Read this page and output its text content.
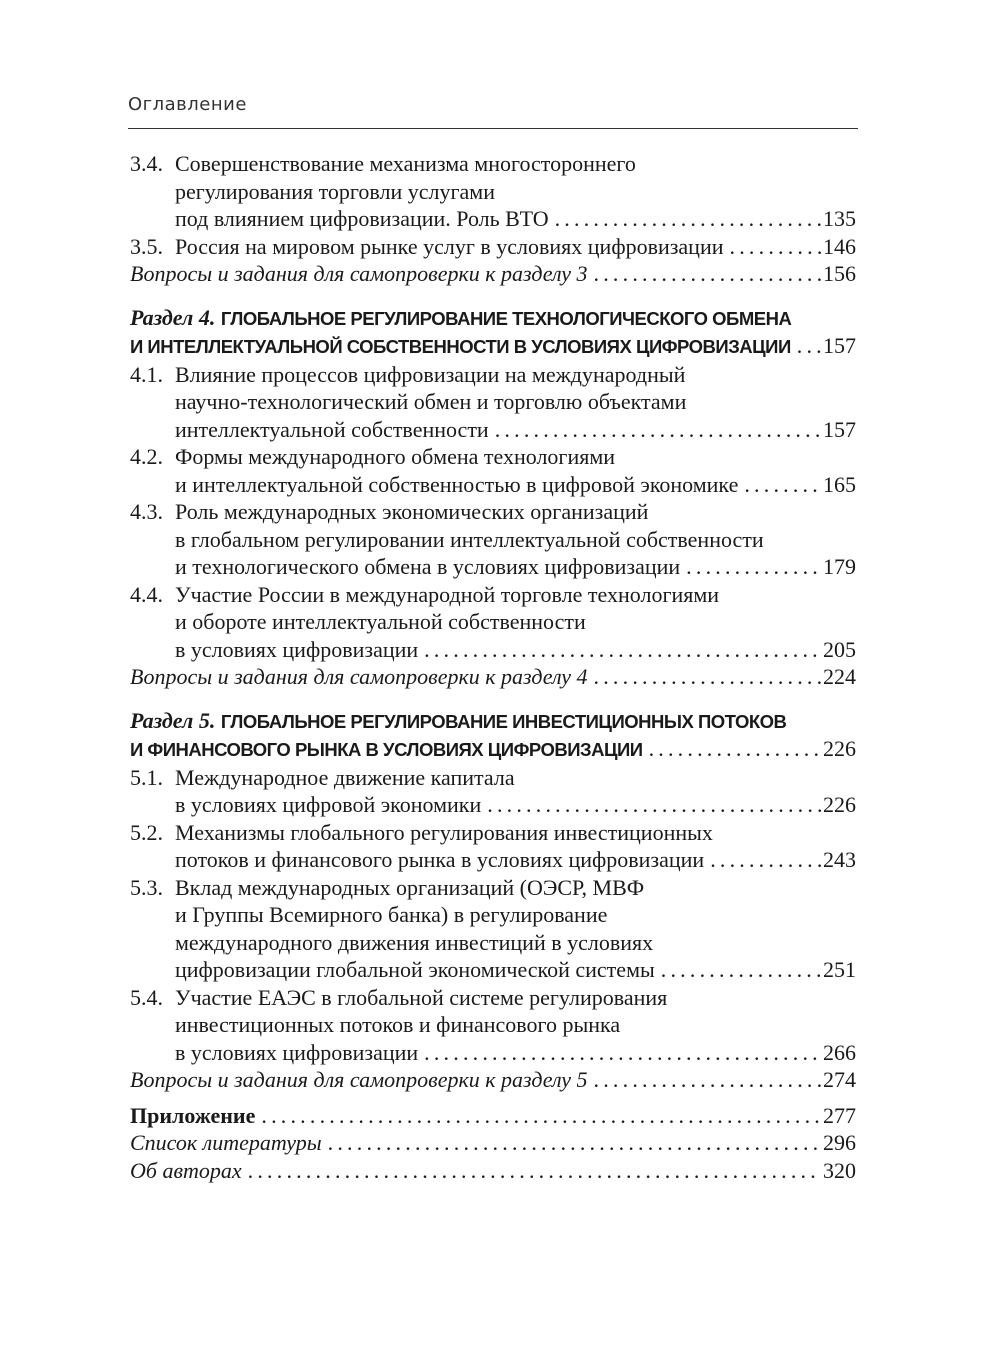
Оглавление
3.4. Совершенствование механизма многостороннего
регулирования торговли услугами
под влиянием цифровизации. Роль ВТО .....	135
3.5. Россия на мировом рынке услуг в условиях цифровизации .....	146
Вопросы и задания для самопроверки к разделу 3 .....	156
Раздел 4. ГЛОБАЛЬНОЕ РЕГУЛИРОВАНИЕ ТЕХНОЛОГИЧЕСКОГО ОБМЕНА
И ИНТЕЛЛЕКТУАЛЬНОЙ СОБСТВЕННОСТИ В УСЛОВИЯХ ЦИФРОВИЗАЦИИ ..... 157
4.1. Влияние процессов цифровизации на международный
научно-технологический обмен и торговлю объектами
интеллектуальной собственности .....	157
4.2. Формы международного обмена технологиями
и интеллектуальной собственностью в цифровой экономике .....	165
4.3. Роль международных экономических организаций
в глобальном регулировании интеллектуальной собственности
и технологического обмена в условиях цифровизации .....	179
4.4. Участие России в международной торговле технологиями
и обороте интеллектуальной собственности
в условиях цифровизации .....	205
Вопросы и задания для самопроверки к разделу 4 .....	224
Раздел 5. ГЛОБАЛЬНОЕ РЕГУЛИРОВАНИЕ ИНВЕСТИЦИОННЫХ ПОТОКОВ
И ФИНАНСОВОГО РЫНКА В УСЛОВИЯХ ЦИФРОВИЗАЦИИ .....	226
5.1. Международное движение капитала
в условиях цифровой экономики .....	226
5.2. Механизмы глобального регулирования инвестиционных
потоков и финансового рынка в условиях цифровизации .....	243
5.3. Вклад международных организаций (ОЭСР, МВФ
и Группы Всемирного банка) в регулирование
международного движения инвестиций в условиях
цифровизации глобальной экономической системы .....	251
5.4. Участие ЕАЭС в глобальной системе регулирования
инвестиционных потоков и финансового рынка
в условиях цифровизации .....	266
Вопросы и задания для самопроверки к разделу 5 .....	274
Приложение .....	277
Список литературы .....	296
Об авторах .....	320
